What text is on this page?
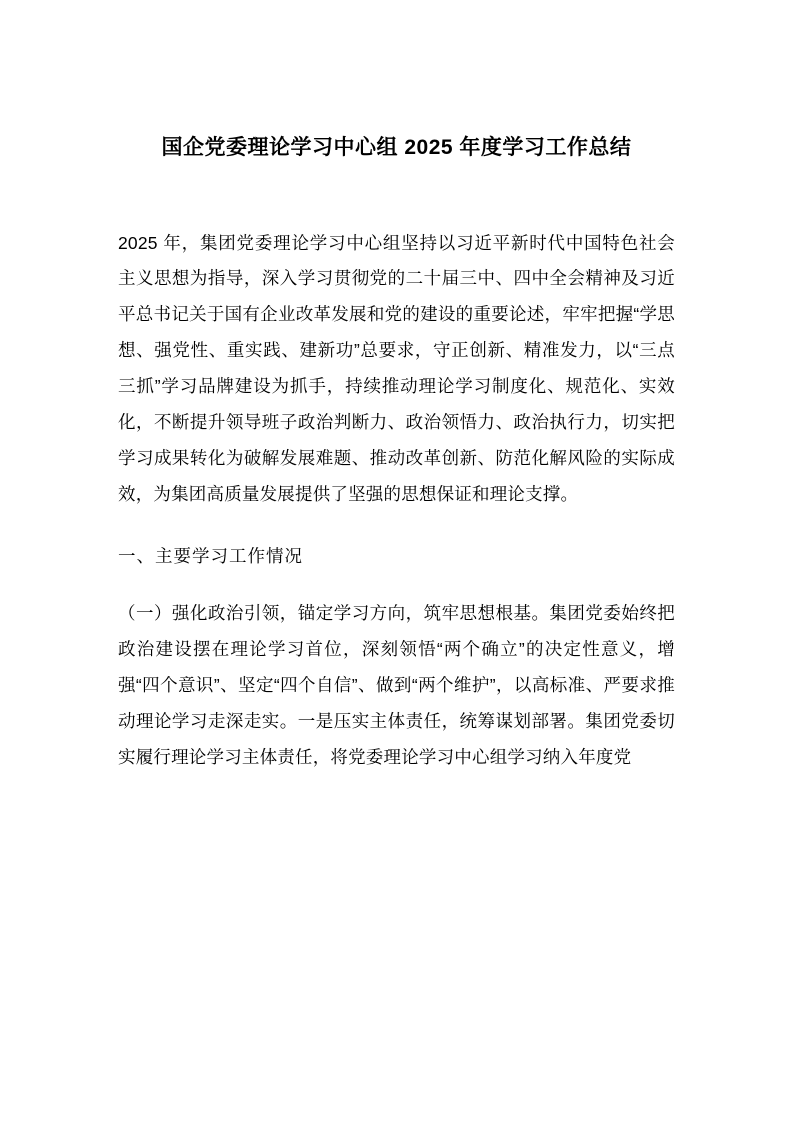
国企党委理论学习中心组 2025 年度学习工作总结

2025 年，集团党委理论学习中心组坚持以习近平新时代中国特色社会主义思想为指导，深入学习贯彻党的二十届三中、四中全会精神及习近平总书记关于国有企业改革发展和党的建设的重要论述，牢牢把握“学思想、强党性、重实践、建新功”总要求，守正创新、精准发力，以“三点三抓”学习品牌建设为抓手，持续推动理论学习制度化、规范化、实效化，不断提升领导班子政治判断力、政治领悟力、政治执行力，切实把学习成果转化为破解发展难题、推动改革创新、防范化解风险的实际成效，为集团高质量发展提供了坚强的思想保证和理论支撑。

一、主要学习工作情况

（一）强化政治引领，锚定学习方向，筑牢思想根基。集团党委始终把政治建设摆在理论学习首位，深刻领悟“两个确立”的决定性意义，增强“四个意识”、坚定“四个自信”、做到“两个维护”，以高标准、严要求推动理论学习走深走实。一是压实主体责任，统筹谋划部署。集团党委切实履行理论学习主体责任，将党委理论学习中心组学习纳入年度党
